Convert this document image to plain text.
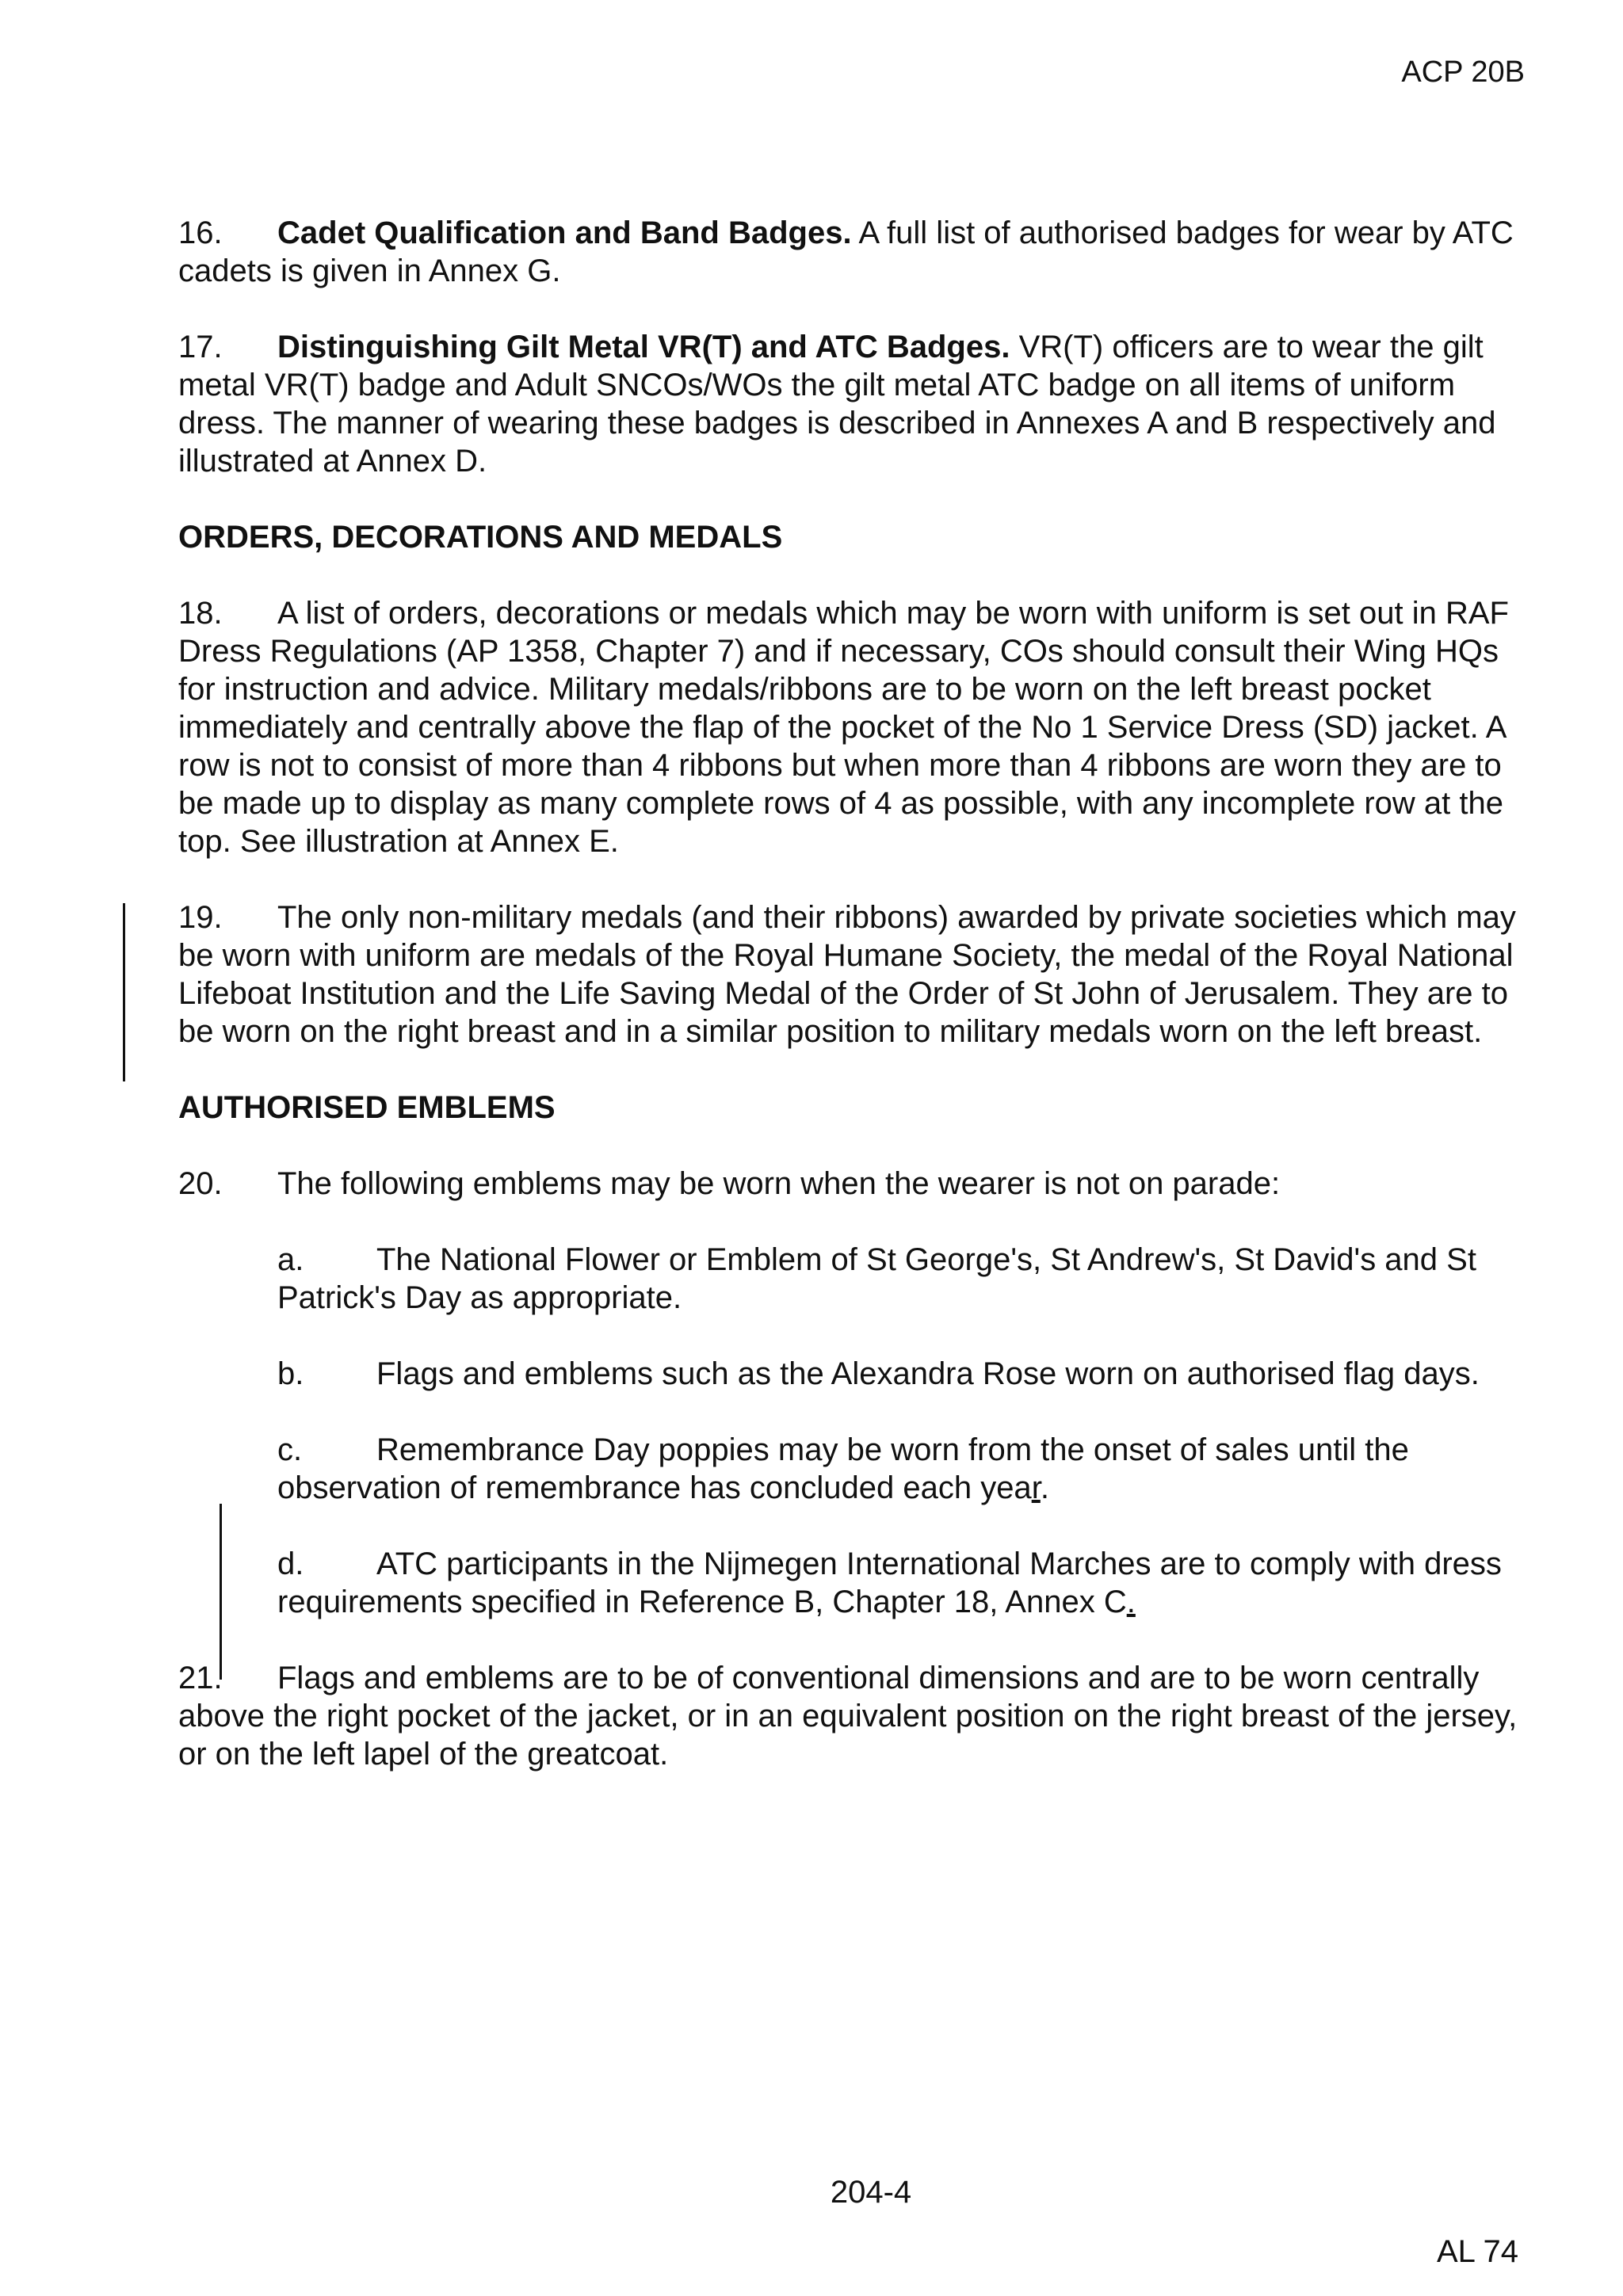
ACP 20B

16. Cadet Qualification and Band Badges. A full list of authorised badges for wear by ATC cadets is given in Annex G.

17. Distinguishing Gilt Metal VR(T) and ATC Badges. VR(T) officers are to wear the gilt metal VR(T) badge and Adult SNCOs/WOs the gilt metal ATC badge on all items of uniform dress. The manner of wearing these badges is described in Annexes A and B respectively and illustrated at Annex D.

ORDERS, DECORATIONS AND MEDALS

18. A list of orders, decorations or medals which may be worn with uniform is set out in RAF Dress Regulations (AP 1358, Chapter 7) and if necessary, COs should consult their Wing HQs for instruction and advice. Military medals/ribbons are to be worn on the left breast pocket immediately and centrally above the flap of the pocket of the No 1 Service Dress (SD) jacket. A row is not to consist of more than 4 ribbons but when more than 4 ribbons are worn they are to be made up to display as many complete rows of 4 as possible, with any incomplete row at the top. See illustration at Annex E.

19. The only non-military medals (and their ribbons) awarded by private societies which may be worn with uniform are medals of the Royal Humane Society, the medal of the Royal National Lifeboat Institution and the Life Saving Medal of the Order of St John of Jerusalem. They are to be worn on the right breast and in a similar position to military medals worn on the left breast.

AUTHORISED EMBLEMS

20. The following emblems may be worn when the wearer is not on parade:

a. The National Flower or Emblem of St George's, St Andrew's, St David's and St Patrick's Day as appropriate.

b. Flags and emblems such as the Alexandra Rose worn on authorised flag days.

c. Remembrance Day poppies may be worn from the onset of sales until the observation of remembrance has concluded each year.

d. ATC participants in the Nijmegen International Marches are to comply with dress requirements specified in Reference B, Chapter 18, Annex C.

21. Flags and emblems are to be of conventional dimensions and are to be worn centrally above the right pocket of the jacket, or in an equivalent position on the right breast of the jersey, or on the left lapel of the greatcoat.

204-4
AL 74
